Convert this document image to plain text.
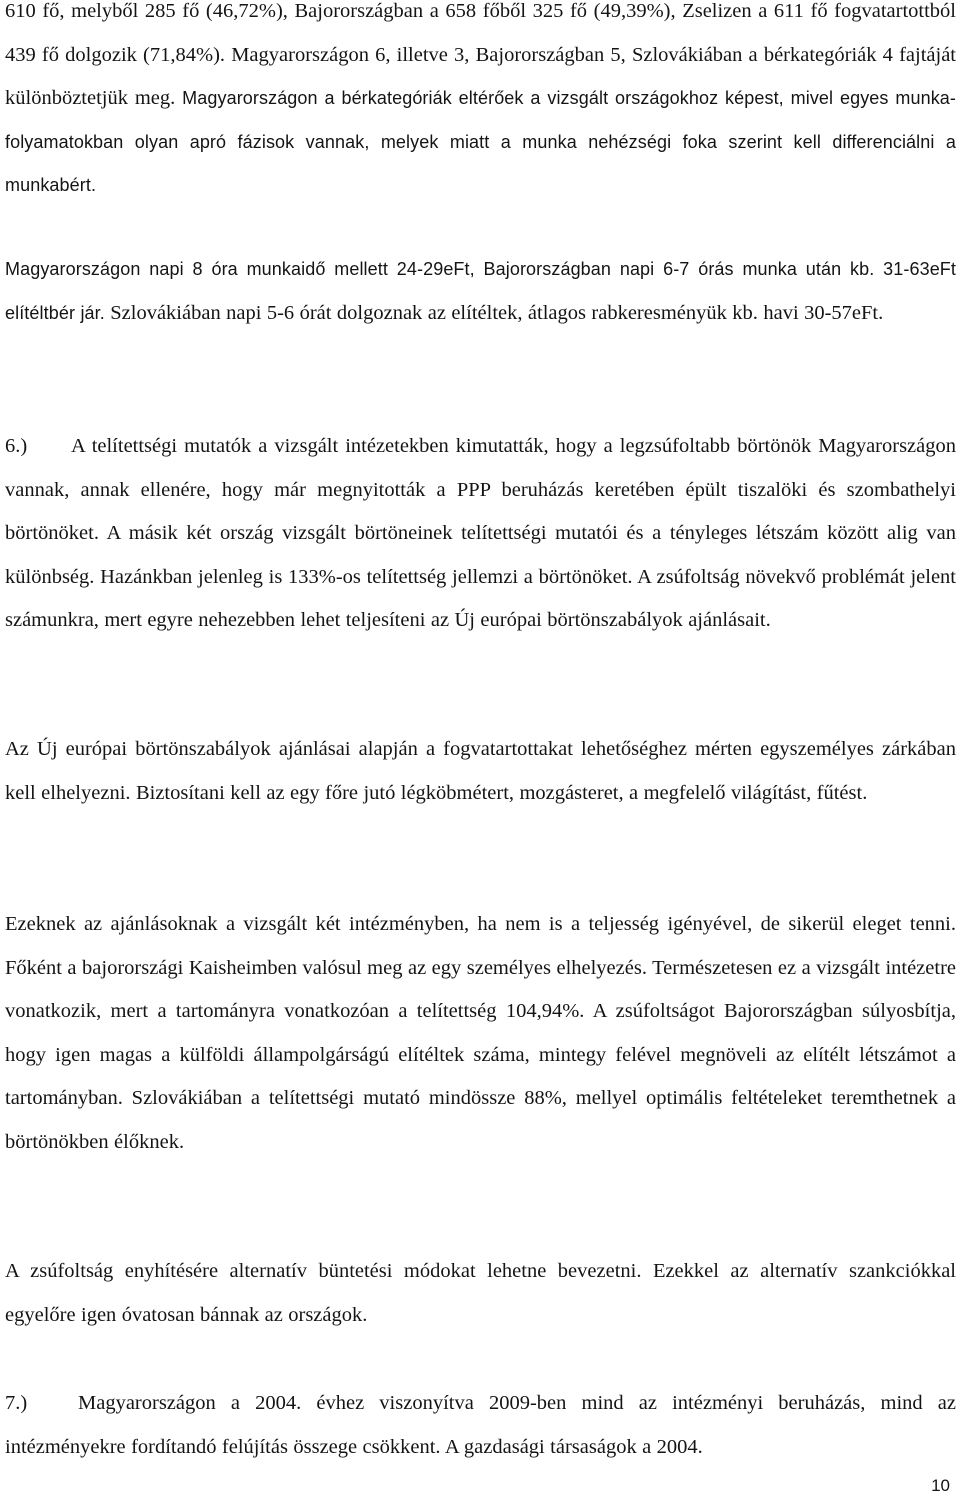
610 fő, melyből 285 fő (46,72%), Bajorországban a 658 főből 325 fő (49,39%), Zselizen a 611 fő fogvatartottból 439 fő dolgozik (71,84%). Magyarországon 6, illetve 3, Bajorországban 5, Szlovákiában a bérkategóriák 4 fajtáját különböztetjük meg. Magyarországon a bérkategóriák eltérőek a vizsgált országokhoz képest, mivel egyes munka-folyamatokban olyan apró fázisok vannak, melyek miatt a munka nehézségi foka szerint kell differenciálni a munkabért.

Magyarországon napi 8 óra munkaidő mellett 24-29eFt, Bajorországban napi 6-7 órás munka után kb. 31-63eFt elítéltbér jár. Szlovákiában napi 5-6 órát dolgoznak az elítéltek, átlagos rabkeresményük kb. havi 30-57eFt.

6.) A telítettségi mutatók a vizsgált intézetekben kimutatták, hogy a legzsúfoltabb börtönök Magyarországon vannak, annak ellenére, hogy már megnyitották a PPP beruházás keretében épült tiszalöki és szombathelyi börtönöket. A másik két ország vizsgált börtöneinek telítettségi mutatói és a tényleges létszám között alig van különbség. Hazánkban jelenleg is 133%-os telítettség jellemzi a börtönöket. A zsúfoltság növekvő problémát jelent számunkra, mert egyre nehezebben lehet teljesíteni az Új európai börtönszabályok ajánlásait.

Az Új európai börtönszabályok ajánlásai alapján a fogvatartottakat lehetőséghez mérten egyszemélyes zárkában kell elhelyezni. Biztosítani kell az egy főre jutó légköbmétert, mozgásteret, a megfelelő világítást, fűtést.

Ezeknek az ajánlásoknak a vizsgált két intézményben, ha nem is a teljesség igényével, de sikerül eleget tenni. Főként a bajorországi Kaisheimben valósul meg az egy személyes elhelyezés. Természetesen ez a vizsgált intézetre vonatkozik, mert a tartományra vonatkozóan a telítettség 104,94%. A zsúfoltságot Bajorországban súlyosbítja, hogy igen magas a külföldi állampolgárságú elítéltek száma, mintegy felével megnöveli az elítélt létszámot a tartományban. Szlovákiában a telítettségi mutató mindössze 88%, mellyel optimális feltételeket teremthetnek a börtönökben élőknek.

A zsúfoltság enyhítésére alternatív büntetési módokat lehetne bevezetni. Ezekkel az alternatív szankciókkal egyelőre igen óvatosan bánnak az országok.

7.) Magyarországon a 2004. évhez viszonyítva 2009-ben mind az intézményi beruházás, mind az intézményekre fordítandó felújítás összege csökkent. A gazdasági társaságok a 2004.

10
